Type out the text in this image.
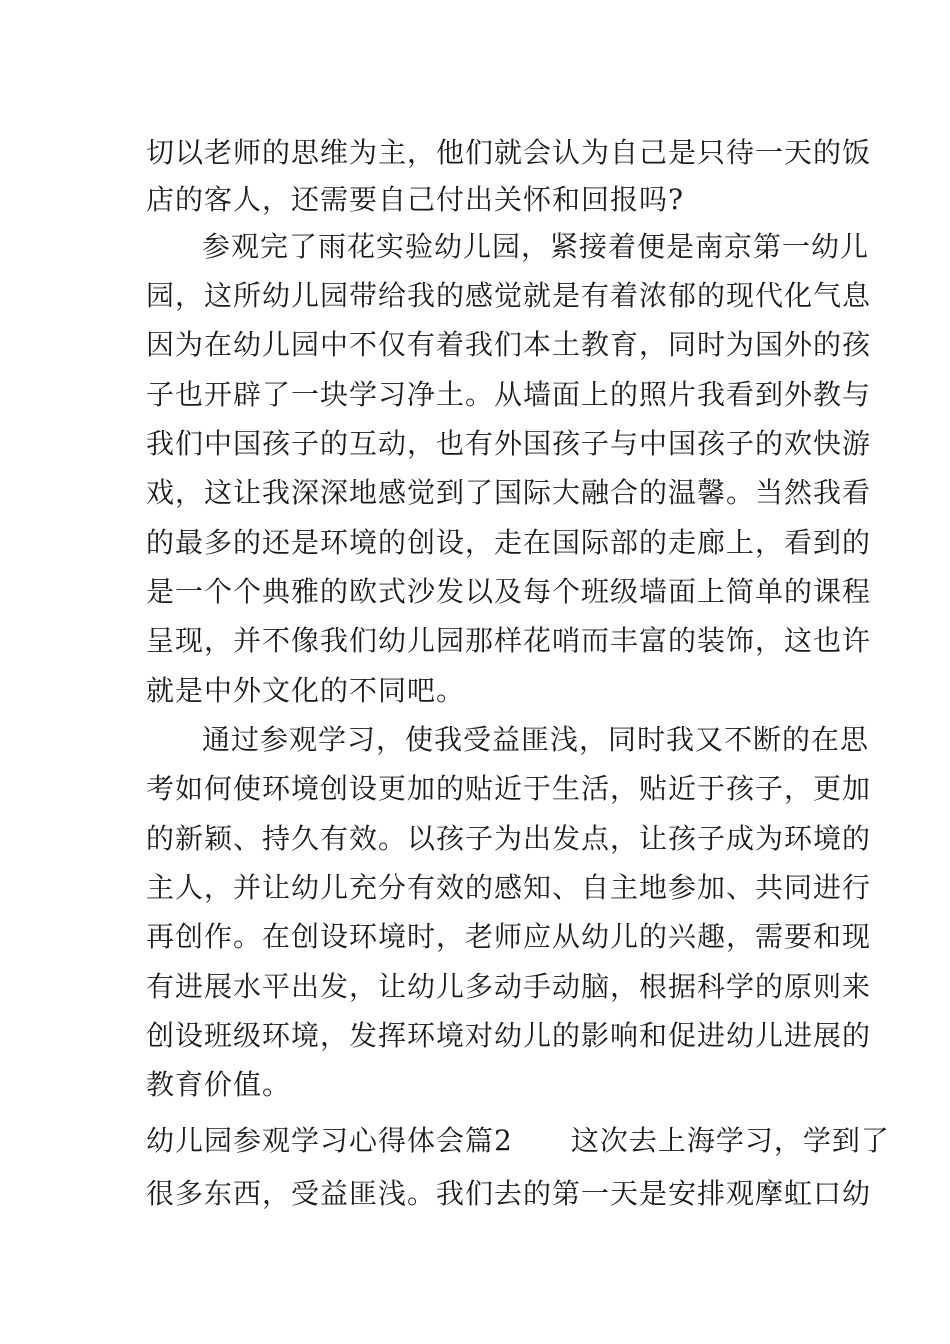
切以老师的思维为主，他们就会认为自己是只待一天的饭
店的客人，还需要自己付出关怀和回报吗?
参观完了雨花实验幼儿园，紧接着便是南京第一幼儿
园，这所幼儿园带给我的感觉就是有着浓郁的现代化气息
因为在幼儿园中不仅有着我们本土教育，同时为国外的孩
子也开辟了一块学习净土。从墙面上的照片我看到外教与
我们中国孩子的互动，也有外国孩子与中国孩子的欢快游
戏，这让我深深地感觉到了国际大融合的温馨。当然我看
的最多的还是环境的创设，走在国际部的走廊上，看到的
是一个个典雅的欧式沙发以及每个班级墙面上简单的课程
呈现，并不像我们幼儿园那样花哨而丰富的装饰，这也许
就是中外文化的不同吧。
通过参观学习，使我受益匪浅，同时我又不断的在思
考如何使环境创设更加的贴近于生活，贴近于孩子，更加
的新颖、持久有效。以孩子为出发点，让孩子成为环境的
主人，并让幼儿充分有效的感知、自主地参加、共同进行
再创作。在创设环境时，老师应从幼儿的兴趣，需要和现
有进展水平出发，让幼儿多动手动脑，根据科学的原则来
创设班级环境，发挥环境对幼儿的影响和促进幼儿进展的
教育价值。
幼儿园参观学习心得体会篇2　　这次去上海学习，学到了
很多东西，受益匪浅。我们去的第一天是安排观摩虹口幼
